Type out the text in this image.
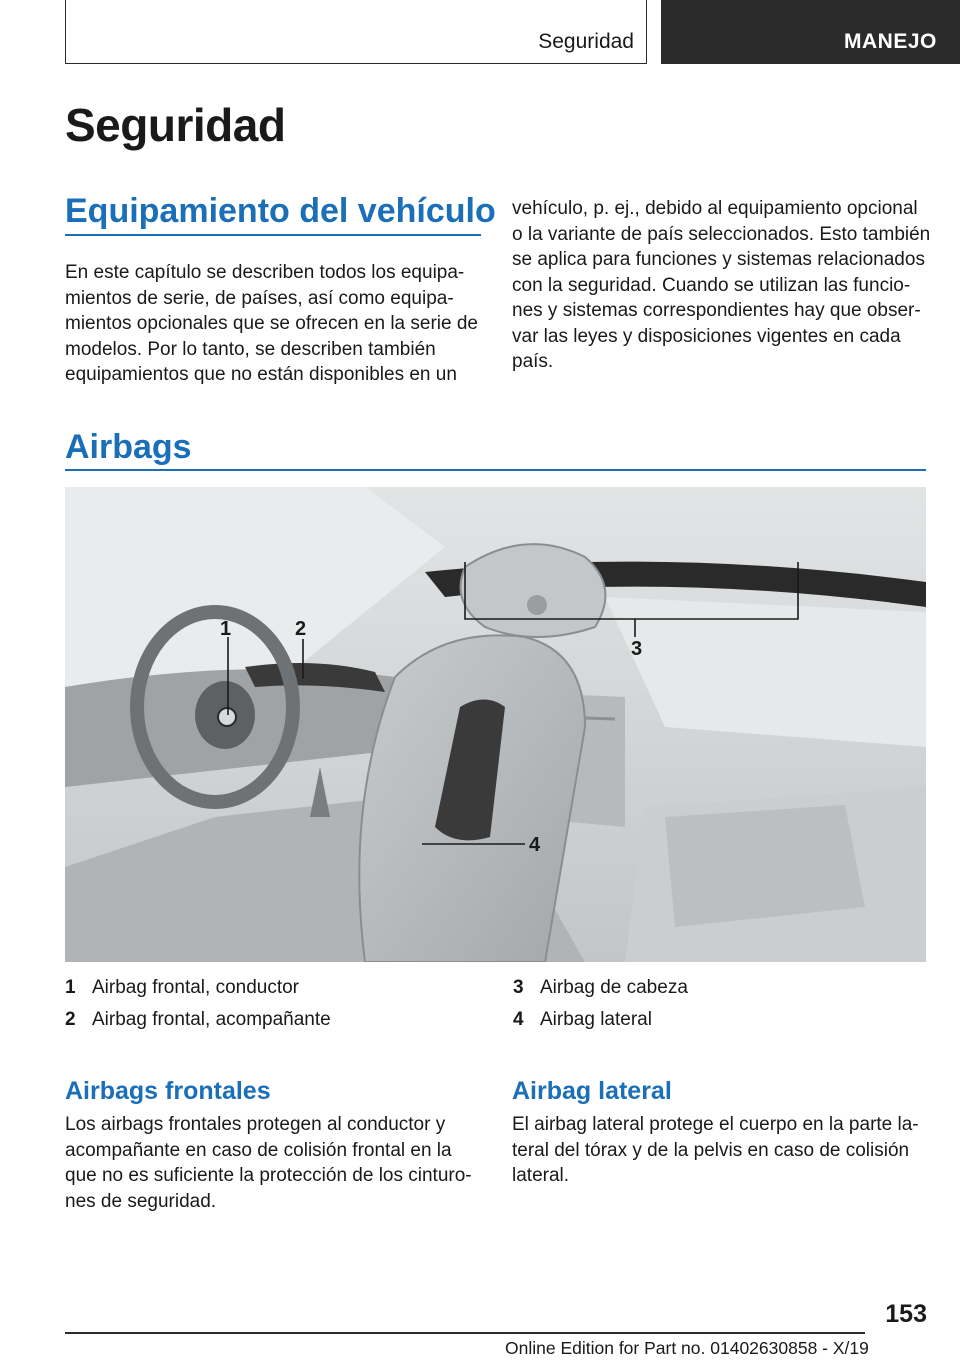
Seguridad	MANEJO
Seguridad
Equipamiento del vehículo
En este capítulo se describen todos los equipa‐
mientos de serie, de países, así como equipa‐
mientos opcionales que se ofrecen en la serie de
modelos. Por lo tanto, se describen también
equipamientos que no están disponibles en un
vehículo, p. ej., debido al equipamiento opcional
o la variante de país seleccionados. Esto también
se aplica para funciones y sistemas relacionados
con la seguridad. Cuando se utilizan las funcio‐
nes y sistemas correspondientes hay que obser‐
var las leyes y disposiciones vigentes en cada
país.
Airbags
1	2
3
4
1 Airbag frontal, conductor
2 Airbag frontal, acompañante
3 Airbag de cabeza
4 Airbag lateral
Airbags frontales
Los airbags frontales protegen al conductor y
acompañante en caso de colisión frontal en la
que no es suficiente la protección de los cinturo‐
nes de seguridad.
Airbag lateral
El airbag lateral protege el cuerpo en la parte la‐
teral del tórax y de la pelvis en caso de colisión
lateral.
153
Online Edition for Part no. 01402630858 - X/19
